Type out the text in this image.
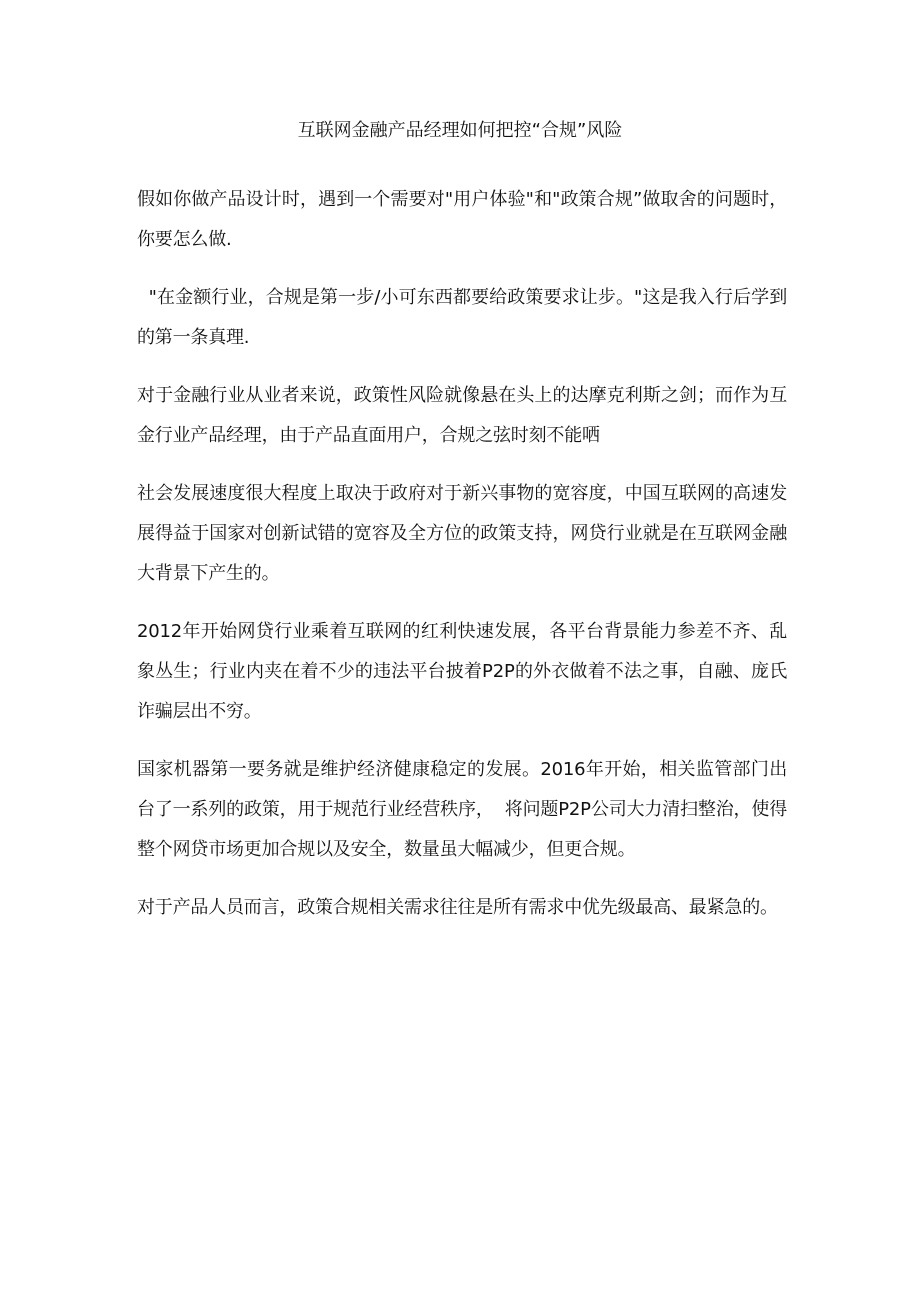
互联网金融产品经理如何把控“合规”风险

假如你做产品设计时，遇到一个需要对"用户体验"和"政策合规”做取舍的问题时，你要怎么做.

"在金额行业，合规是第一步/小可东西都要给政策要求让步。"这是我入行后学到的第一条真理.

对于金融行业从业者来说，政策性风险就像悬在头上的达摩克利斯之剑；而作为互金行业产品经理，由于产品直面用户，合规之弦时刻不能哂

社会发展速度很大程度上取决于政府对于新兴事物的宽容度，中国互联网的高速发展得益于国家对创新试错的宽容及全方位的政策支持，网贷行业就是在互联网金融大背景下产生的。

2012年开始网贷行业乘着互联网的红利快速发展，各平台背景能力参差不齐、乱象丛生；行业内夹在着不少的违法平台披着P2P的外衣做着不法之事，自融、庞氏诈骗层出不穷。

国家机器第一要务就是维护经济健康稳定的发展。2016年开始，相关监管部门出台了一系列的政策，用于规范行业经营秩序，  将问题P2P公司大力清扫整治，使得整个网贷市场更加合规以及安全，数量虽大幅减少，但更合规。

对于产品人员而言，政策合规相关需求往往是所有需求中优先级最高、最紧急的。
